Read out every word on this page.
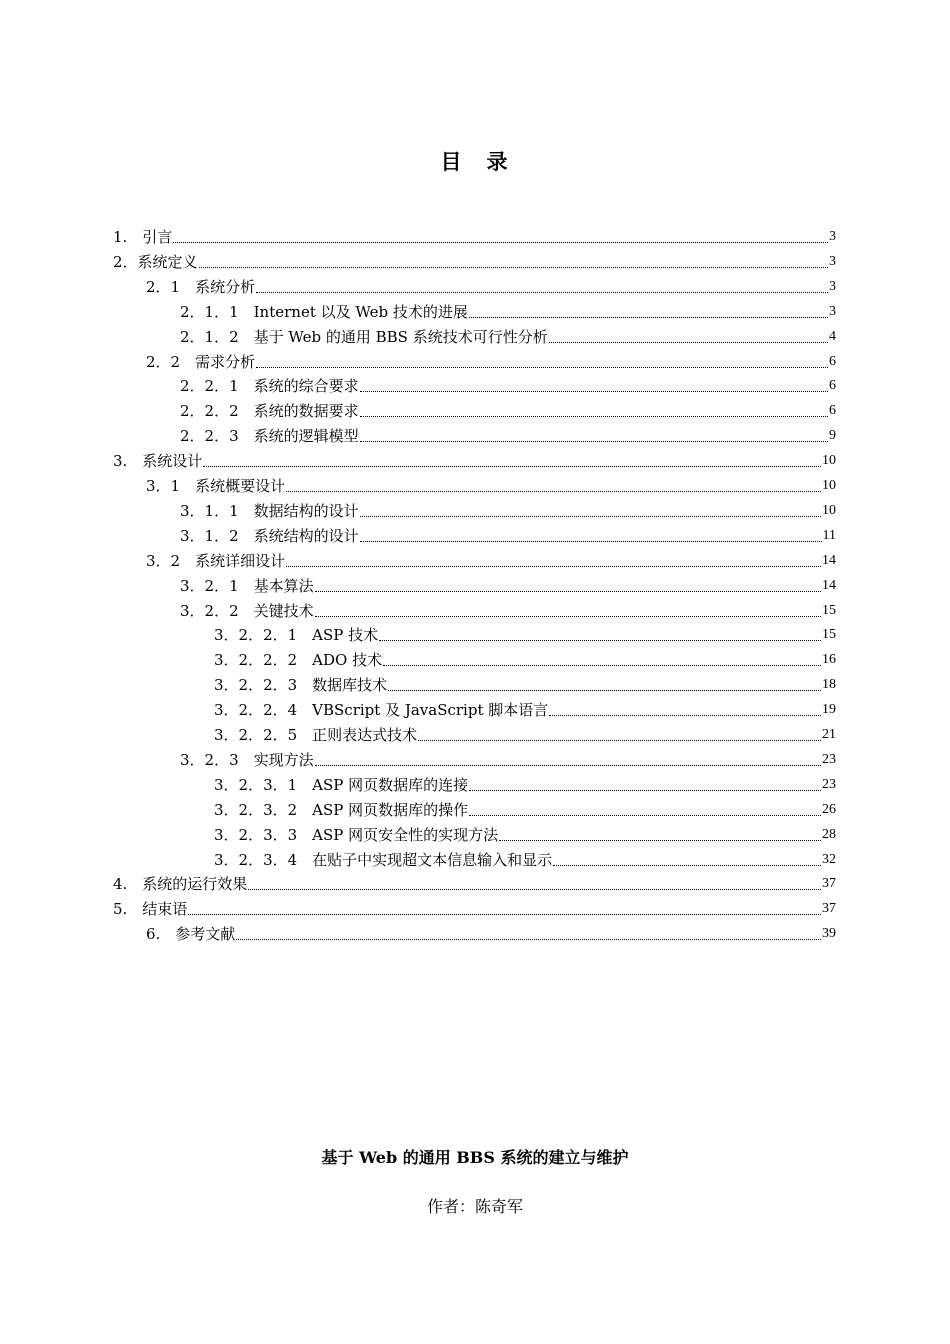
目　录
1.　引言	3
2．系统定义	3
2．1　系统分析	3
2．1．1　Internet 以及 Web 技术的进展	3
2．1．2　基于 Web 的通用 BBS 系统技术可行性分析	4
2．2　需求分析	6
2．2．1　系统的综合要求	6
2．2．2　系统的数据要求	6
2．2．3　系统的逻辑模型	9
3.　系统设计	10
3．1　系统概要设计	10
3．1．1　数据结构的设计	10
3．1．2　系统结构的设计	11
3．2　系统详细设计	14
3．2．1　基本算法	14
3．2．2　关键技术	15
3．2．2．1　ASP 技术	15
3．2．2．2　ADO 技术	16
3．2．2．3　数据库技术	18
3．2．2．4　VBScript 及 JavaScript 脚本语言	19
3．2．2．5　正则表达式技术	21
3．2．3　实现方法	23
3．2．3．1　ASP 网页数据库的连接	23
3．2．3．2　ASP 网页数据库的操作	26
3．2．3．3　ASP 网页安全性的实现方法	28
3．2．3．4　在贴子中实现超文本信息输入和显示	32
4.　系统的运行效果	37
5.　结束语	37
6.　参考文献	39
基于 Web 的通用 BBS 系统的建立与维护
作者：陈奇军
